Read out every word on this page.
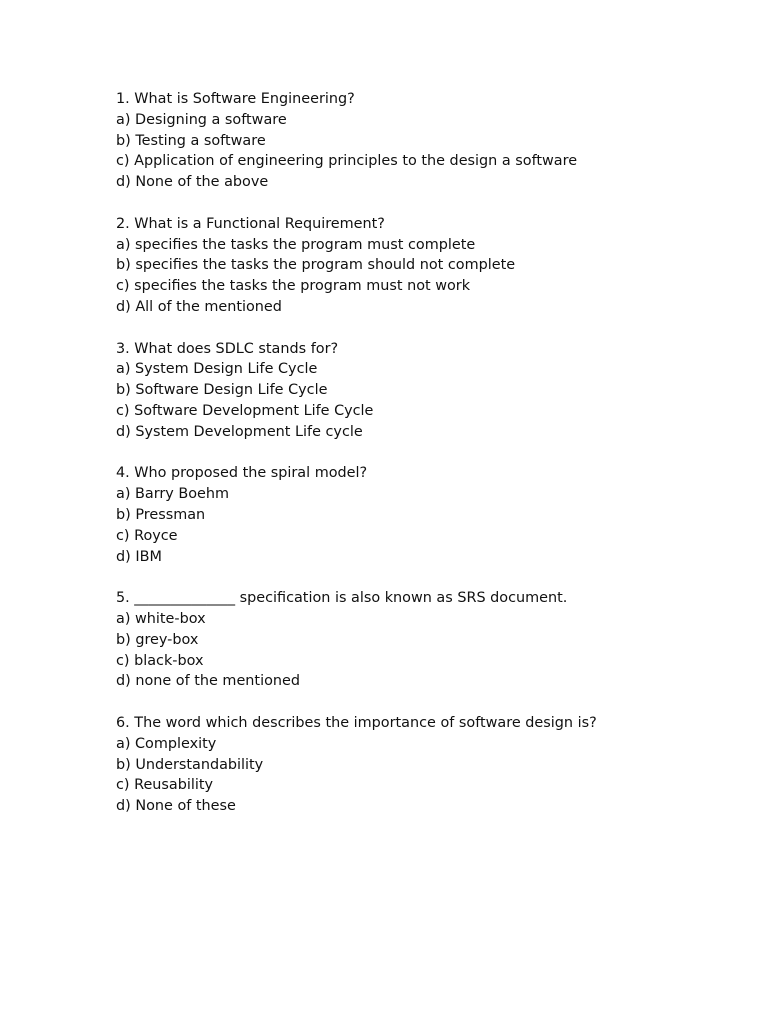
1. What is Software Engineering?
a) Designing a software
b) Testing a software
c) Application of engineering principles to the design a software
d) None of the above
2. What is a Functional Requirement?
a) specifies the tasks the program must complete
b) specifies the tasks the program should not complete
c) specifies the tasks the program must not work
d) All of the mentioned
3. What does SDLC stands for?
a) System Design Life Cycle
b) Software Design Life Cycle
c) Software Development Life Cycle
d) System Development Life cycle
4. Who proposed the spiral model?
a) Barry Boehm
b) Pressman
c) Royce
d) IBM
5. ______________ specification is also known as SRS document.
a) white-box
b) grey-box
c) black-box
d) none of the mentioned
6. The word which describes the importance of software design is?
a) Complexity
b) Understandability
c) Reusability
d) None of these
